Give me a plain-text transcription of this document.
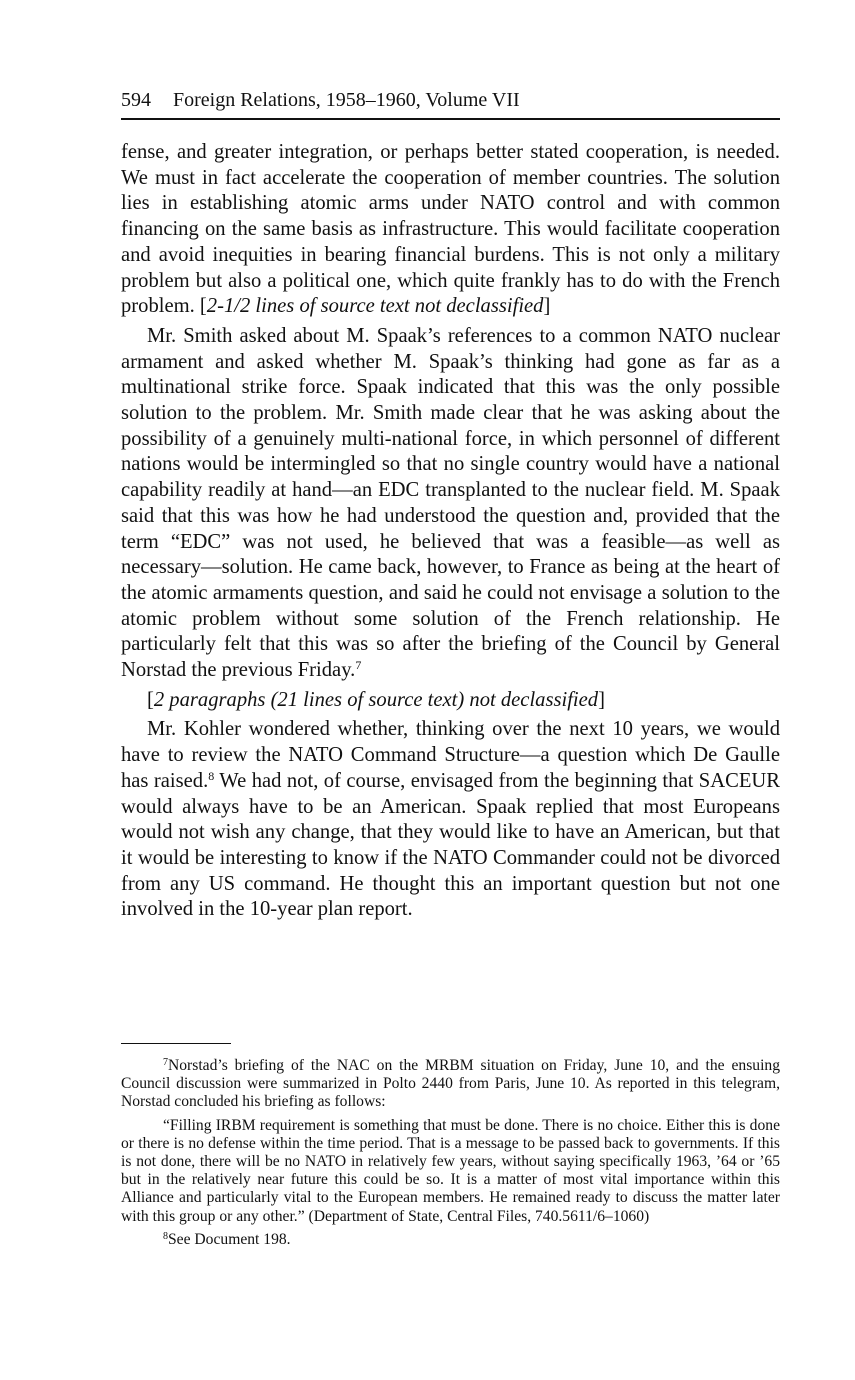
594 Foreign Relations, 1958–1960, Volume VII

fense, and greater integration, or perhaps better stated cooperation, is needed. We must in fact accelerate the cooperation of member countries. The solution lies in establishing atomic arms under NATO control and with common financing on the same basis as infrastructure. This would facilitate cooperation and avoid inequities in bearing financial burdens. This is not only a military problem but also a political one, which quite frankly has to do with the French problem. [2-1/2 lines of source text not declassified]

Mr. Smith asked about M. Spaak’s references to a common NATO nuclear armament and asked whether M. Spaak’s thinking had gone as far as a multinational strike force. Spaak indicated that this was the only possible solution to the problem. Mr. Smith made clear that he was asking about the possibility of a genuinely multi-national force, in which personnel of different nations would be intermingled so that no single country would have a national capability readily at hand—an EDC transplanted to the nuclear field. M. Spaak said that this was how he had understood the question and, provided that the term “EDC” was not used, he believed that was a feasible—as well as necessary—solution. He came back, however, to France as being at the heart of the atomic armaments question, and said he could not envisage a solution to the atomic problem without some solution of the French relationship. He particularly felt that this was so after the briefing of the Council by General Norstad the previous Friday.$^7$

[2 paragraphs (21 lines of source text) not declassified]

Mr. Kohler wondered whether, thinking over the next 10 years, we would have to review the NATO Command Structure—a question which De Gaulle has raised.$^8$ We had not, of course, envisaged from the beginning that SACEUR would always have to be an American. Spaak replied that most Europeans would not wish any change, that they would like to have an American, but that it would be interesting to know if the NATO Commander could not be divorced from any US command. He thought this an important question but not one involved in the 10-year plan report.

$^7$Norstad’s briefing of the NAC on the MRBM situation on Friday, June 10, and the ensuing Council discussion were summarized in Polto 2440 from Paris, June 10. As reported in this telegram, Norstad concluded his briefing as follows:

“Filling IRBM requirement is something that must be done. There is no choice. Either this is done or there is no defense within the time period. That is a message to be passed back to governments. If this is not done, there will be no NATO in relatively few years, without saying specifically 1963, ’64 or ’65 but in the relatively near future this could be so. It is a matter of most vital importance within this Alliance and particularly vital to the European members. He remained ready to discuss the matter later with this group or any other.” (Department of State, Central Files, 740.5611/6–1060)

$^8$See Document 198.
